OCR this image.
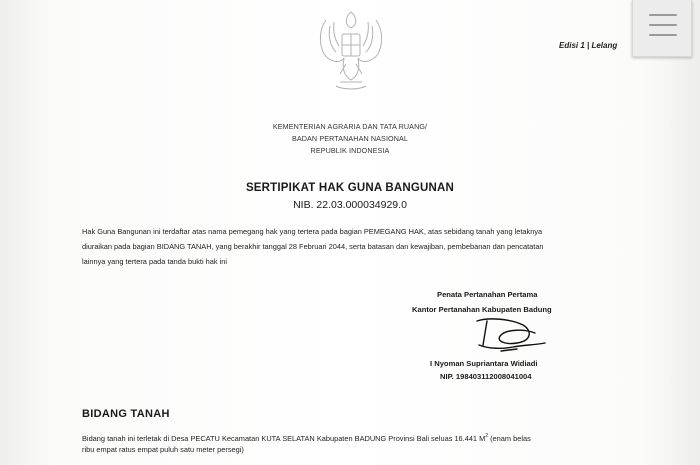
Edisi 1 | Lelang
KEMENTERIAN AGRARIA DAN TATA RUANG/
BADAN PERTANAHAN NASIONAL
REPUBLIK INDONESIA
SERTIPIKAT HAK GUNA BANGUNAN
NIB. 22.03.000034929.0
Hak Guna Bangunan ini terdaftar atas nama pemegang hak yang tertera pada bagian PEMEGANG HAK, atas sebidang tanah yang letaknya
diuraikan pada bagian BIDANG TANAH, yang berakhir tanggal 28 Februari 2044, serta batasan dan kewajiban, pembebanan dan pencatatan
lainnya yang tertera pada tanda bukti hak ini
Penata Pertanahan Pertama
Kantor Pertanahan Kabupaten Badung
I Nyoman Supriantara Widiadi
NIP. 198403112008041004
BIDANG TANAH
Bidang tanah ini terletak di Desa PECATU Kecamatan KUTA SELATAN Kabupaten BADUNG Provinsi Bali seluas 16.441 $M^2$ (enam belas
ribu empat ratus empat puluh satu meter persegi)
